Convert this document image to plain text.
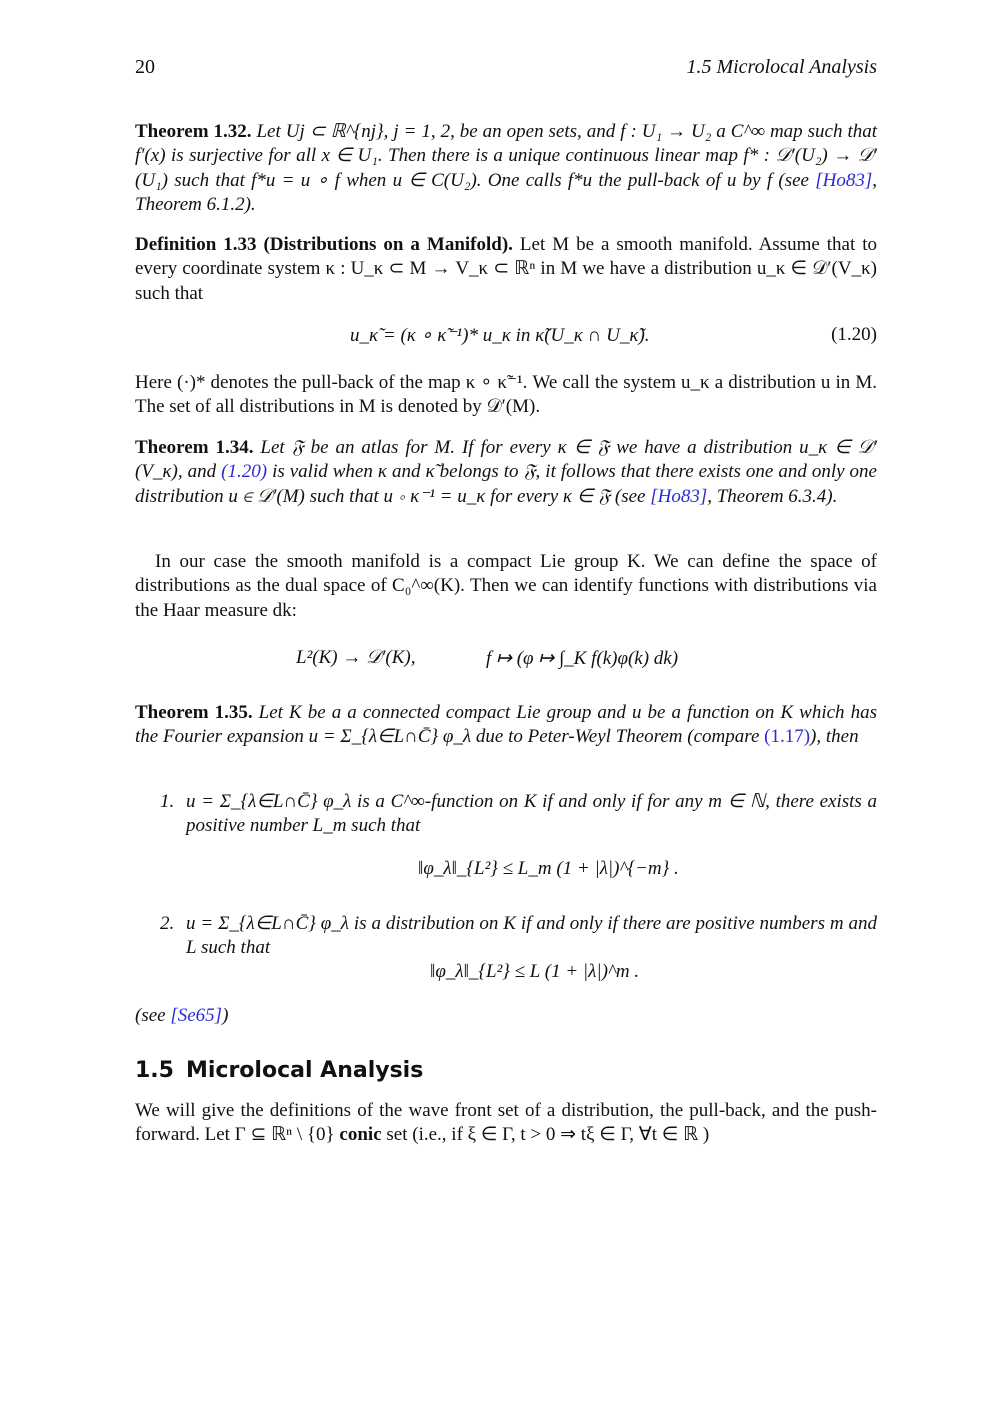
20	1.5 Microlocal Analysis
Theorem 1.32. Let Uj ⊂ ℝ^{nj}, j = 1, 2, be an open sets, and f : U₁ → U₂ a C^∞ map such that f′(x) is surjective for all x ∈ U₁. Then there is a unique continuous linear map f* : 𝒟′(U₂) → 𝒟′(U₁) such that f*u = u ∘ f when u ∈ C(U₂). One calls f*u the pull-back of u by f (see [Ho83], Theorem 6.1.2).
Definition 1.33 (Distributions on a Manifold). Let M be a smooth manifold. Assume that to every coordinate system κ : U_κ ⊂ M → V_κ ⊂ ℝⁿ in M we have a distribution u_κ ∈ 𝒟′(V_κ) such that
u_κ̃ = (κ ∘ κ̃⁻¹)* u_κ in κ̃(U_κ ∩ U_κ̃).	(1.20)
Here (·)* denotes the pull-back of the map κ ∘ κ̃⁻¹. We call the system u_κ a distribution u in M. The set of all distributions in M is denoted by 𝒟′(M).
Theorem 1.34. Let 𝔉 be an atlas for M. If for every κ ∈ 𝔉 we have a distribution u_κ ∈ 𝒟′(V_κ), and (1.20) is valid when κ and κ̃ belongs to 𝔉, it follows that there exists one and only one distribution u ∈ 𝒟′(M) such that u ∘ κ⁻¹ = u_κ for every κ ∈ 𝔉 (see [Ho83], Theorem 6.3.4).
In our case the smooth manifold is a compact Lie group K. We can define the space of distributions as the dual space of C₀^∞(K). Then we can identify functions with distributions via the Haar measure dk:
L²(K) → 𝒟′(K),	f ↦ (φ ↦ ∫_K f(k)φ(k) dk)
Theorem 1.35. Let K be a a connected compact Lie group and u be a function on K which has the Fourier expansion u = Σ_{λ∈L∩C̄} φ_λ due to Peter-Weyl Theorem (compare (1.17)), then
1. u = Σ_{λ∈L∩C̄} φ_λ is a C^∞-function on K if and only if for any m ∈ ℕ, there exists a positive number L_m such that
‖φ_λ‖_{L²} ≤ L_m (1 + |λ|)^{−m} .
2. u = Σ_{λ∈L∩C̄} φ_λ is a distribution on K if and only if there are positive numbers m and L such that
‖φ_λ‖_{L²} ≤ L (1 + |λ|)^m .
(see [Se65])
1.5 Microlocal Analysis
We will give the definitions of the wave front set of a distribution, the pull-back, and the push-forward. Let Γ ⊆ ℝⁿ \ {0} conic set (i.e., if ξ ∈ Γ, t > 0 ⇒ tξ ∈ Γ, ∀t ∈ ℝ )
